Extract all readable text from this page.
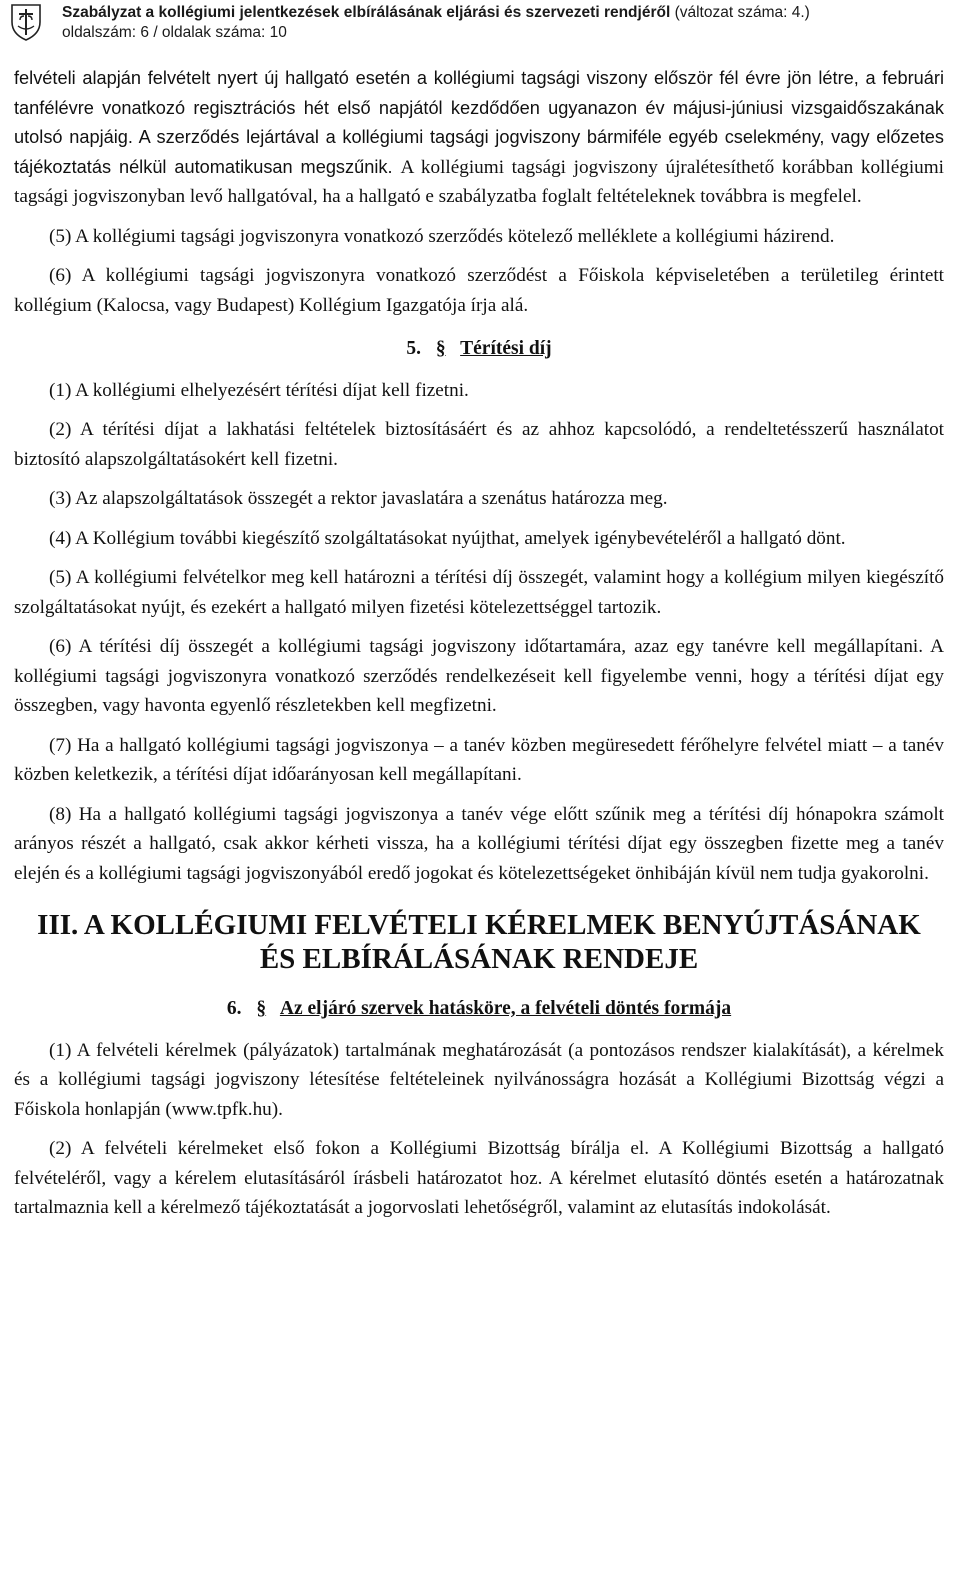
Szabályzat a kollégiumi jelentkezések elbírálásának eljárási és szervezeti rendjéről (változat száma: 4.)
oldalszám: 6 / oldalak száma: 10

felvételi alapján felvételt nyert új hallgató esetén a kollégiumi tagsági viszony először fél évre jön létre, a februári tanfélévre vonatkozó regisztrációs hét első napjától kezdődően ugyanazon év májusi-júniusi vizsgaidőszakának utolsó napjáig. A szerződés lejártával a kollégiumi tagsági jogviszony bármiféle egyéb cselekmény, vagy előzetes tájékoztatás nélkül automatikusan megszűnik. A kollégiumi tagsági jogviszony újralétesíthető korábban kollégiumi tagsági jogviszonyban levő hallgatóval, ha a hallgató e szabályzatba foglalt feltételeknek továbbra is megfelel.

(5) A kollégiumi tagsági jogviszonyra vonatkozó szerződés kötelező melléklete a kollégiumi házirend.

(6) A kollégiumi tagsági jogviszonyra vonatkozó szerződést a Főiskola képviseletében a területileg érintett kollégium (Kalocsa, vagy Budapest) Kollégium Igazgatója írja alá.

5. § Térítési díj

(1) A kollégiumi elhelyezésért térítési díjat kell fizetni.

(2) A térítési díjat a lakhatási feltételek biztosításáért és az ahhoz kapcsolódó, a rendeltetésszerű használatot biztosító alapszolgáltatásokért kell fizetni.

(3) Az alapszolgáltatások összegét a rektor javaslatára a szenátus határozza meg.

(4) A Kollégium további kiegészítő szolgáltatásokat nyújthat, amelyek igénybevételéről a hallgató dönt.

(5) A kollégiumi felvételkor meg kell határozni a térítési díj összegét, valamint hogy a kollégium milyen kiegészítő szolgáltatásokat nyújt, és ezekért a hallgató milyen fizetési kötelezettséggel tartozik.

(6) A térítési díj összegét a kollégiumi tagsági jogviszony időtartamára, azaz egy tanévre kell megállapítani. A kollégiumi tagsági jogviszonyra vonatkozó szerződés rendelkezéseit kell figyelembe venni, hogy a térítési díjat egy összegben, vagy havonta egyenlő részletekben kell megfizetni.

(7) Ha a hallgató kollégiumi tagsági jogviszonya – a tanév közben megüresedett férőhelyre felvétel miatt – a tanév közben keletkezik, a térítési díjat időarányosan kell megállapítani.

(8) Ha a hallgató kollégiumi tagsági jogviszonya a tanév vége előtt szűnik meg a térítési díj hónapokra számolt arányos részét a hallgató, csak akkor kérheti vissza, ha a kollégiumi térítési díjat egy összegben fizette meg a tanév elején és a kollégiumi tagsági jogviszonyából eredő jogokat és kötelezettségeket önhibáján kívül nem tudja gyakorolni.

III. A KOLLÉGIUMI FELVÉTELI KÉRELMEK BENYÚJTÁSÁNAK
ÉS ELBÍRÁLÁSÁNAK RENDEJE
6. § Az eljáró szervek hatásköre, a felvételi döntés formája

(1) A felvételi kérelmek (pályázatok) tartalmának meghatározását (a pontozásos rendszer kialakítását), a kérelmek és a kollégiumi tagsági jogviszony létesítése feltételeinek nyilvánosságra hozását a Kollégiumi Bizottság végzi a Főiskola honlapján (www.tpfk.hu).

(2) A felvételi kérelmeket első fokon a Kollégiumi Bizottság bírálja el. A Kollégiumi Bizottság a hallgató felvételéről, vagy a kérelem elutasításáról írásbeli határozatot hoz. A kérelmet elutasító döntés esetén a határozatnak tartalmaznia kell a kérelmező tájékoztatását a jogorvoslati lehetőségről, valamint az elutasítás indokolását.
